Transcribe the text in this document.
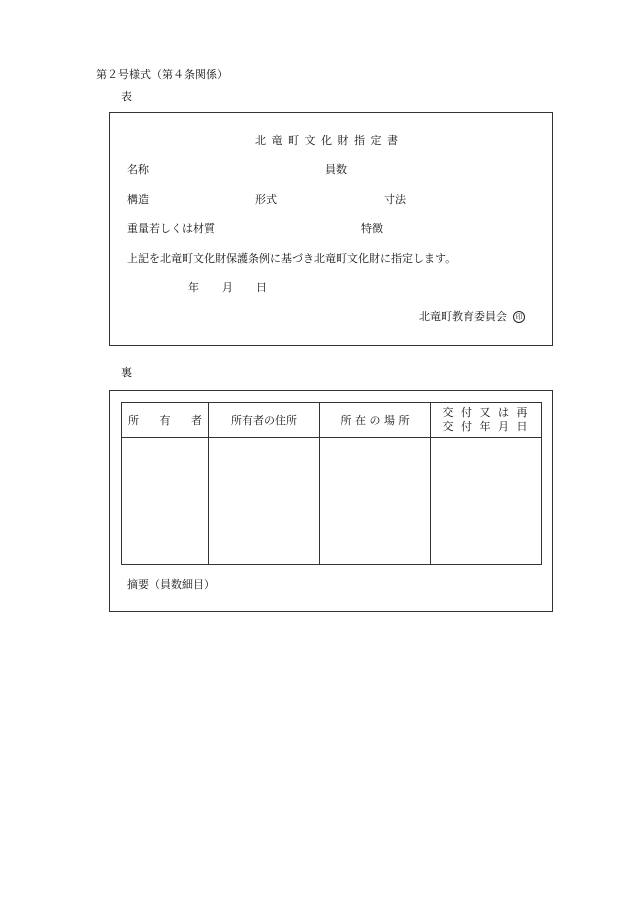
第２号様式（第４条関係）
表
北 竜 町 文 化 財 指 定 書
名称	員数
構造	形式	寸法
重量若しくは材質	特徴
上記を北竜町文化財保護条例に基づき北竜町文化財に指定します。
年 月 日
北竜町教育委員会 印
裏
所 有 者	所有者の住所	所 在 の 場 所	交 付 又 は 再
交 付 年 月 日

摘要（員数細目）
